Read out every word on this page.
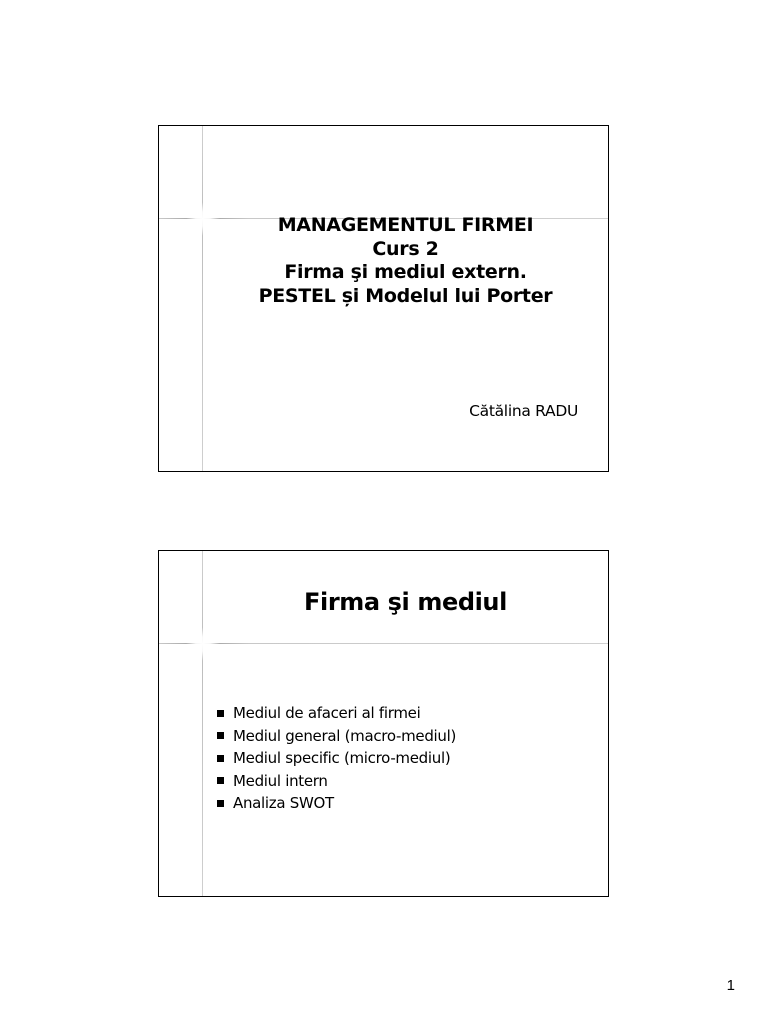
MANAGEMENTUL FIRMEI
Curs 2
Firma şi mediul extern.
PESTEL și Modelul lui Porter
Cătălina RADU
Firma şi mediul
Mediul de afaceri al firmei
Mediul general (macro-mediul)
Mediul specific (micro-mediul)
Mediul intern
Analiza SWOT
1
